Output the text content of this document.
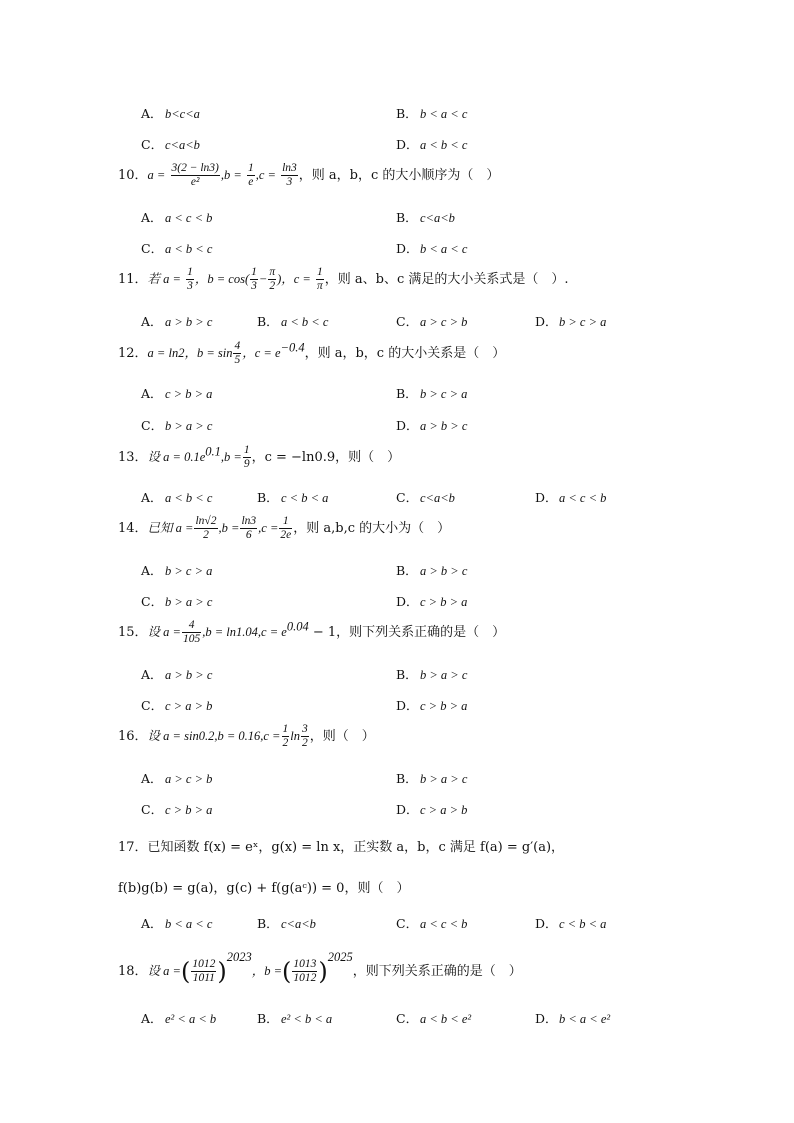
A． b<c<a	B． b < a < c
C． c<a<b	D．a < b < c
10．$a = \frac{3(2 - \ln 3)}{\text{e²}} ,b = \frac{1}{e} ,c = \frac{\ln 3}{3}$ ，则 a，b，c 的大小顺序为（　）
A． a < c < b	B． c<a<b
C． a < b < c	D．b < a < c
11．若 $a = \frac{1}{3}$ ，$b = \cos( \frac{1}{3} - \frac{\pi}{2}$ )，$c = \frac{1}{\pi}$ ，则 a、b、c 满足的大小关系式是（　）.
A． a > b > c	B． a < b < c	C． a > c > b	D．b > c > a
12．a = ln2，$b = \sin \frac{4}{5}$ ，$c = e^{-0.4}$，则 a，b，c 的大小关系是（　）
A． c > b > a	B． b > c > a
C． b > a > c	D．a > b > c
13．设 $a = 0.1e^{0.1},b = \frac{1}{9}$ ，c = −ln0.9，则（　）
A． a < b < c	B． c < b < a	C． c<a<b	D．a < c < b
14．已知 $a = \frac{\ln√2}{2} ,b = \frac{\ln 3}{6} ,c = \frac{1}{2e}$ ，则 a,b,c 的大小为（　）
A． b > c > a	B． a > b > c
C． b > a > c	D．c > b > a
15．设 $a = \frac{4}{105} ,b = \ln 1.04,c = e^{0.04} - 1$，则下列关系正确的是（　）
A． a > b > c	B． b > a > c
C． c > a > b	D．c > b > a
16．设 $a = \sin 0.2,b = 0.16,c = \frac{1}{2}$ $\ln \frac{3}{2}$ ，则（　）
A． a > c > b	B． b > a > c
C． c > b > a	D．c > a > b
17．已知函数 f(x) = eˣ，g(x) = ln x，正实数 a，b，c 满足 f(a) = g′(a)，
f(b)g(b) = g(a)，g(c) + f(g(aᶜ)) = 0，则（　）
A． b < a < c	B． c<a<b	C． a < c < b	D．c < b < a
18．设 a =( $\frac{1012}{1011} )^{2023}$，b =( $\frac{1013}{1012} )^{2025}$，则下列关系正确的是（　）
A． e² < a < b	B． e² < b < a	C． a < b < e²	D．b < a < e²
